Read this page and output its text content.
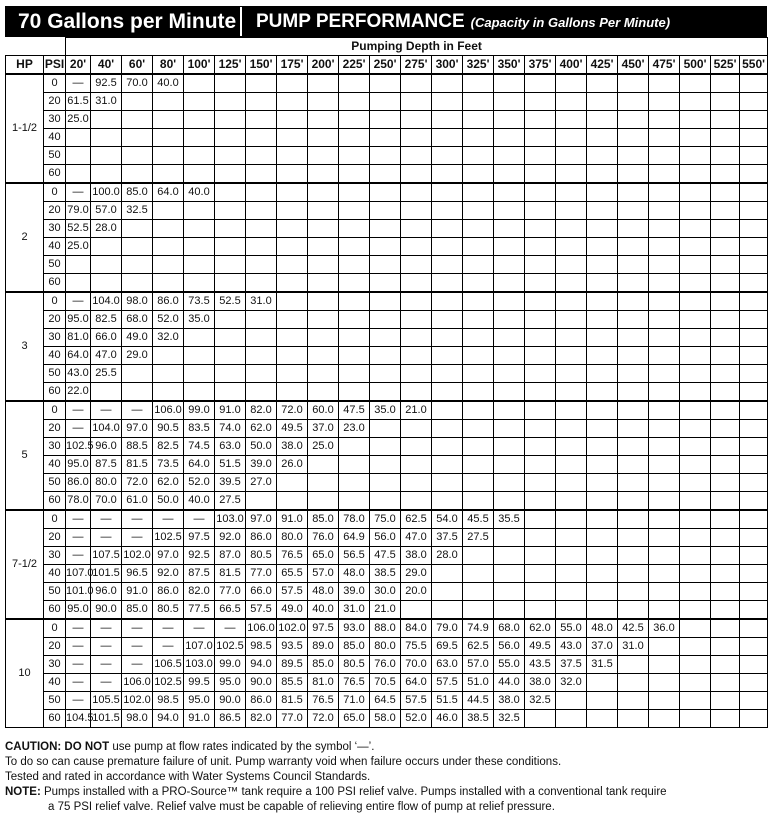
70 Gallons per Minute	PUMP PERFORMANCE (Capacity in Gallons Per Minute)
		Pumping Depth in Feet																						
HP	PSI	20'	40'	60'	80'	100'	125'	150'	175'	200'	225'	250'	275'	300'	325'	350'	375'	400'	425'	450'	475'	500'	525'	550'
1-1/2	0	—	92.5	70.0	40.0																			
	20	61.5	31.0																					
	30	25.0																						
	40																							
	50																							
	60																							
2	0	—	100.0	85.0	64.0	40.0																		
	20	79.0	57.0	32.5																				
	30	52.5	28.0																					
	40	25.0																						
	50																							
	60																							
3	0	—	104.0	98.0	86.0	73.5	52.5	31.0																
	20	95.0	82.5	68.0	52.0	35.0																		
	30	81.0	66.0	49.0	32.0																			
	40	64.0	47.0	29.0																				
	50	43.0	25.5																					
	60	22.0																						
5	0	—	—	—	106.0	99.0	91.0	82.0	72.0	60.0	47.5	35.0	21.0											
	20	—	104.0	97.0	90.5	83.5	74.0	62.0	49.5	37.0	23.0													
	30	102.5	96.0	88.5	82.5	74.5	63.0	50.0	38.0	25.0														
	40	95.0	87.5	81.5	73.5	64.0	51.5	39.0	26.0															
	50	86.0	80.0	72.0	62.0	52.0	39.5	27.0																
	60	78.0	70.0	61.0	50.0	40.0	27.5																	
7-1/2	0	—	—	—	—	—	103.0	97.0	91.0	85.0	78.0	75.0	62.5	54.0	45.5	35.5								
	20	—	—	—	102.5	97.5	92.0	86.0	80.0	76.0	64.9	56.0	47.0	37.5	27.5									
	30	—	107.5	102.0	97.0	92.5	87.0	80.5	76.5	65.0	56.5	47.5	38.0	28.0										
	40	107.0	101.5	96.5	92.0	87.5	81.5	77.0	65.5	57.0	48.0	38.5	29.0											
	50	101.0	96.0	91.0	86.0	82.0	77.0	66.0	57.5	48.0	39.0	30.0	20.0											
	60	95.0	90.0	85.0	80.5	77.5	66.5	57.5	49.0	40.0	31.0	21.0												
10	0	—	—	—	—	—	—	106.0	102.0	97.5	93.0	88.0	84.0	79.0	74.9	68.0	62.0	55.0	48.0	42.5	36.0			
	20	—	—	—	—	107.0	102.5	98.5	93.5	89.0	85.0	80.0	75.5	69.5	62.5	56.0	49.5	43.0	37.0	31.0				
	30	—	—	—	106.5	103.0	99.0	94.0	89.5	85.0	80.5	76.0	70.0	63.0	57.0	55.0	43.5	37.5	31.5					
	40	—	—	106.0	102.5	99.5	95.0	90.0	85.5	81.0	76.5	70.5	64.0	57.5	51.0	44.0	38.0	32.0						
	50	—	105.5	102.0	98.5	95.0	90.0	86.0	81.5	76.5	71.0	64.5	57.5	51.5	44.5	38.0	32.5							
	60	104.5	101.5	98.0	94.0	91.0	86.5	82.0	77.0	72.0	65.0	58.0	52.0	46.0	38.5	32.5								

CAUTION: DO NOT use pump at flow rates indicated by the symbol ‘—’.

To do so can cause premature failure of unit. Pump warranty void when failure occurs under these conditions.

Tested and rated in accordance with Water Systems Council Standards.

NOTE: Pumps installed with a PRO-Source™ tank require a 100 PSI relief valve. Pumps installed with a conventional tank require

a 75 PSI relief valve. Relief valve must be capable of relieving entire flow of pump at relief pressure.
